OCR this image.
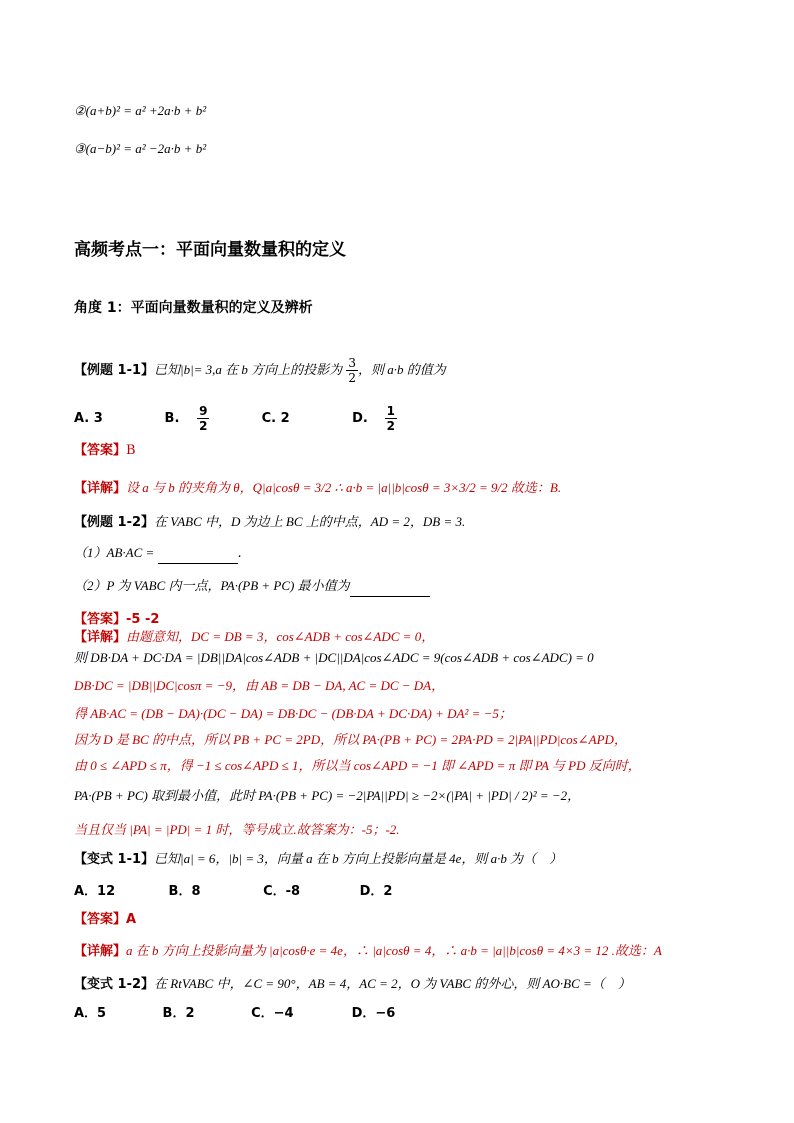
②(a+b)² = a² +2a·b + b²
③(a−b)² = a² −2a·b + b²
高频考点一：平面向量数量积的定义
角度 1：平面向量数量积的定义及辨析
【例题 1-1】已知|b|= 3,a 在 b 方向上的投影为 $\frac{3}{2}$ ，则 a·b 的值为
A. 3	B. $\frac{9}{2} C$. 2	D. $\frac{1}{2}$
【答案】B
【详解】设 a 与 b 的夹角为 θ，Q|a|cosθ = 3/2 ∴ a·b = |a||b|cosθ = 3×3/2 = 9/2 故选：B.
【例题 1-2】在 VABC 中，D 为边上 BC 上的中点，AD = 2，DB = 3.
（1）AB·AC =	.
（2）P 为 VABC 内一点，PA·(PB + PC) 最小值为
【答案】-5 -2
【详解】由题意知，DC = DB = 3，cos∠ADB + cos∠ADC = 0，
则 DB·DA + DC·DA = |DB||DA|cos∠ADB + |DC||DA|cos∠ADC = 9(cos∠ADB + cos∠ADC) = 0
DB·DC = |DB||DC|cosπ = −9，由 AB = DB − DA, AC = DC − DA，
得 AB·AC = (DB − DA)·(DC − DA) = DB·DC − (DB·DA + DC·DA) + DA² = −5；
因为 D 是 BC 的中点，所以 PB + PC = 2PD，所以 PA·(PB + PC) = 2PA·PD = 2|PA||PD|cos∠APD，
由 0 ≤ ∠APD ≤ π，得 −1 ≤ cos∠APD ≤ 1，所以当 cos∠APD = −1 即 ∠APD = π 即 PA 与 PD 反向时，
PA·(PB + PC) 取到最小值，此时 PA·(PB + PC) = −2|PA||PD| ≥ −2×(|PA| + |PD| / 2)² = −2，
当且仅当 |PA| = |PD| = 1 时，等号成立.故答案为：-5；-2.
【变式 1-1】已知|a| = 6，|b| = 3，向量 a 在 b 方向上投影向量是 4e，则 a·b 为（　）
A．12	B．8	C．-8	D．2
【答案】A
【详解】a 在 b 方向上投影向量为 |a|cosθ·e = 4e，∴ |a|cosθ = 4，∴ a·b = |a||b|cosθ = 4×3 = 12 .故选：A
【变式 1-2】在 RtVABC 中，∠C = 90°，AB = 4，AC = 2，O 为 VABC 的外心，则 AO·BC =（　）
A．5	B．2	C．−4	D．−6
